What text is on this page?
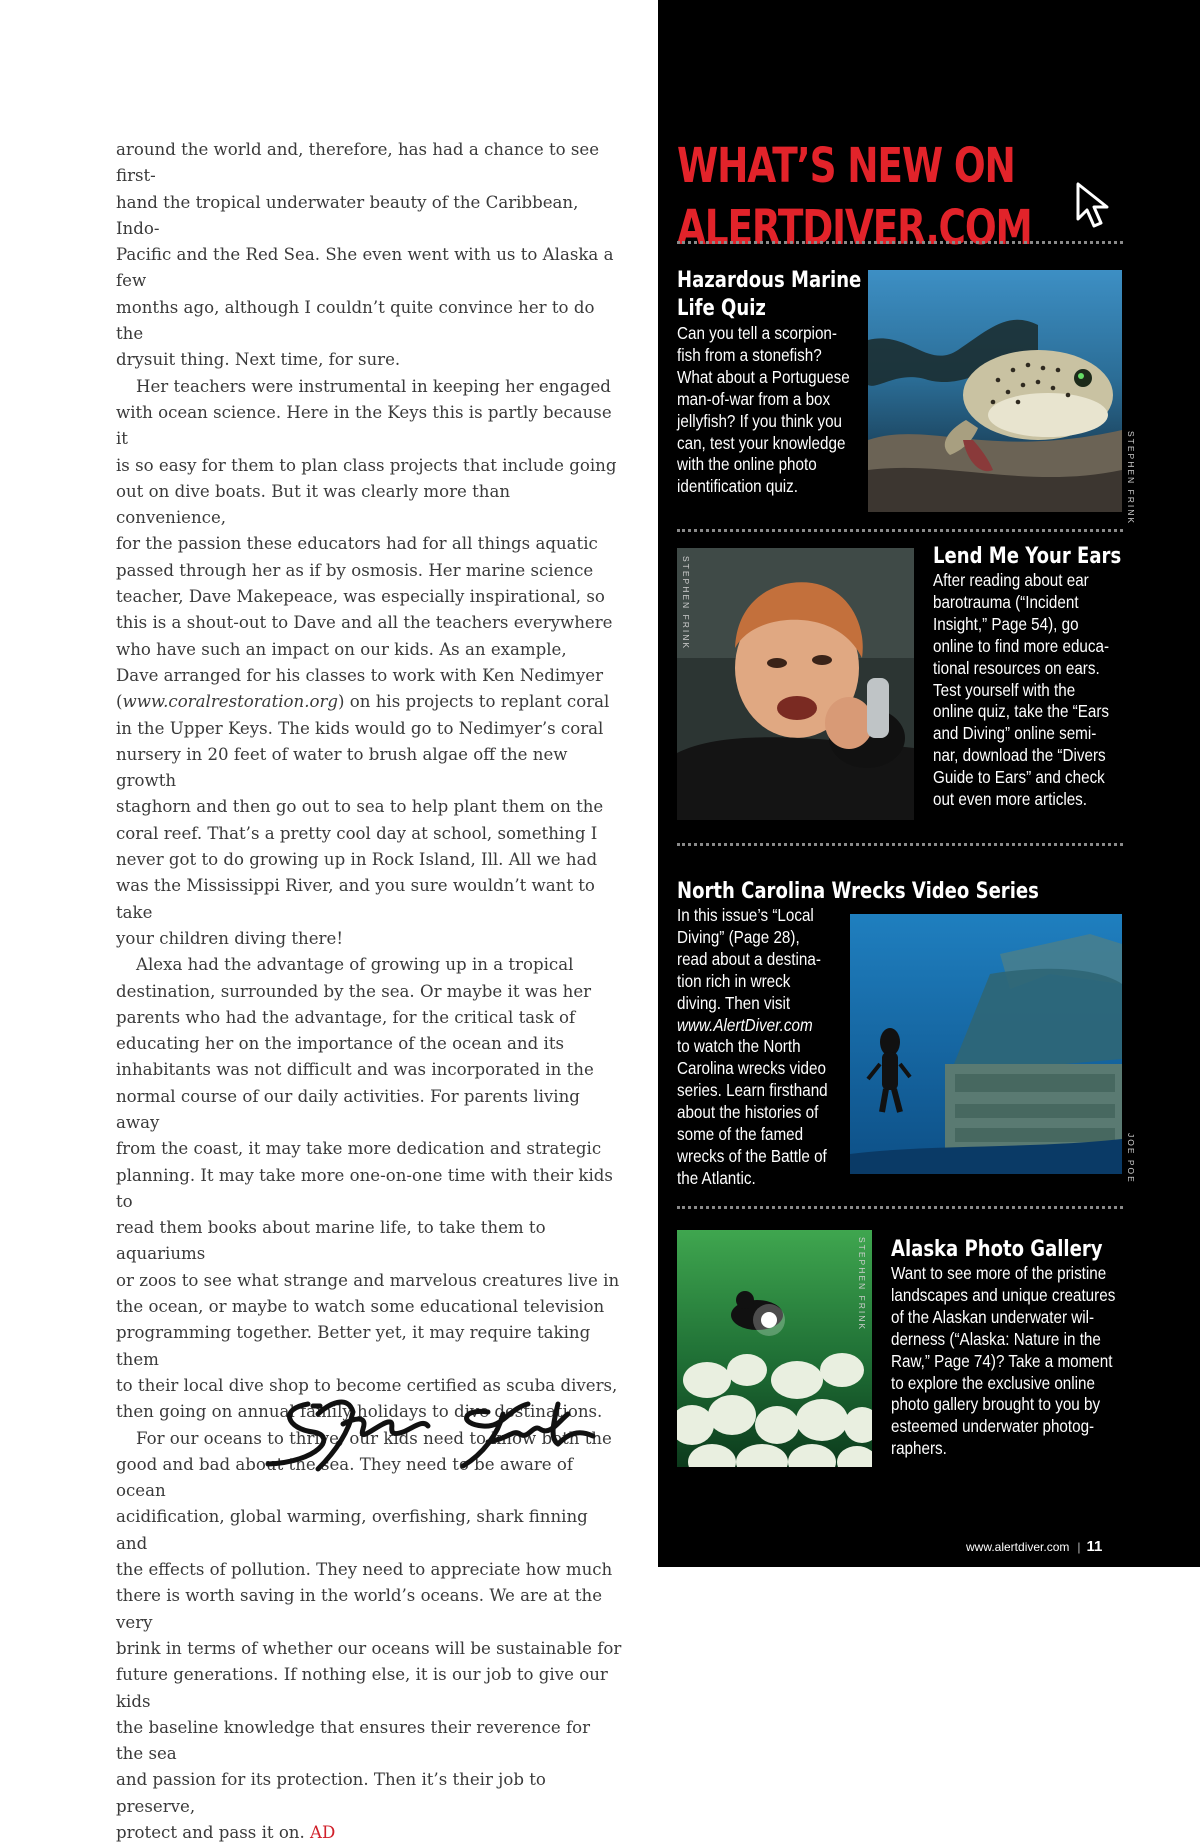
around the world and, therefore, has had a chance to see first-
hand the tropical underwater beauty of the Caribbean, Indo-
Pacific and the Red Sea. She even went with us to Alaska a few
months ago, although I couldn’t quite convince her to do the
drysuit thing. Next time, for sure.

Her teachers were instrumental in keeping her engaged
with ocean science. Here in the Keys this is partly because it
is so easy for them to plan class projects that include going
out on dive boats. But it was clearly more than convenience,
for the passion these educators had for all things aquatic
passed through her as if by osmosis. Her marine science
teacher, Dave Makepeace, was especially inspirational, so
this is a shout-out to Dave and all the teachers everywhere
who have such an impact on our kids. As an example,
Dave arranged for his classes to work with Ken Nedimyer
(www.coralrestoration.org) on his projects to replant coral
in the Upper Keys. The kids would go to Nedimyer’s coral
nursery in 20 feet of water to brush algae off the new growth
staghorn and then go out to sea to help plant them on the
coral reef. That’s a pretty cool day at school, something I
never got to do growing up in Rock Island, Ill. All we had
was the Mississippi River, and you sure wouldn’t want to take
your children diving there!

Alexa had the advantage of growing up in a tropical
destination, surrounded by the sea. Or maybe it was her
parents who had the advantage, for the critical task of
educating her on the importance of the ocean and its
inhabitants was not difficult and was incorporated in the
normal course of our daily activities. For parents living away
from the coast, it may take more dedication and strategic
planning. It may take more one-on-one time with their kids to
read them books about marine life, to take them to aquariums
or zoos to see what strange and marvelous creatures live in
the ocean, or maybe to watch some educational television
programming together. Better yet, it may require taking them
to their local dive shop to become certified as scuba divers,
then going on annual family holidays to dive destinations.

For our oceans to thrive, our kids need to know both the
good and bad about the sea. They need to be aware of ocean
acidification, global warming, overfishing, shark finning and
the effects of pollution. They need to appreciate how much
there is worth saving in the world’s oceans. We are at the very
brink in terms of whether our oceans will be sustainable for
future generations. If nothing else, it is our job to give our kids
the baseline knowledge that ensures their reverence for the sea
and passion for its protection. Then it’s their job to preserve,
protect and pass it on. AD

WHAT’S NEW ON
ALERTDIVER.COM
Hazardous Marine
Life Quiz
Can you tell a scorpion-
fish from a stonefish?
What about a Portuguese
man-of-war from a box
jellyfish? If you think you
can, test your knowledge
with the online photo
identification quiz.	STEPHEN FRINK
STEPHEN FRINK	Lend Me Your Ears
After reading about ear
barotrauma (“Incident
Insight,” Page 54), go
online to find more educa-
tional resources on ears.
Test yourself with the
online quiz, take the “Ears
and Diving” online semi-
nar, download the “Divers
Guide to Ears” and check
out even more articles.
North Carolina Wrecks Video Series
In this issue’s “Local
Diving” (Page 28),
read about a destina-
tion rich in wreck
diving. Then visit
www.AlertDiver.com
to watch the North
Carolina wrecks video
series. Learn firsthand
about the histories of
some of the famed
wrecks of the Battle of
the Atlantic.	JOE POE
STEPHEN FRINK Alaska Photo Gallery
Want to see more of the pristine
landscapes and unique creatures
of the Alaskan underwater wil-
derness (“Alaska: Nature in the
Raw,” Page 74)? Take a moment
to explore the exclusive online
photo gallery brought to you by
esteemed underwater photog-
raphers.
www.alertdiver.com | 11
